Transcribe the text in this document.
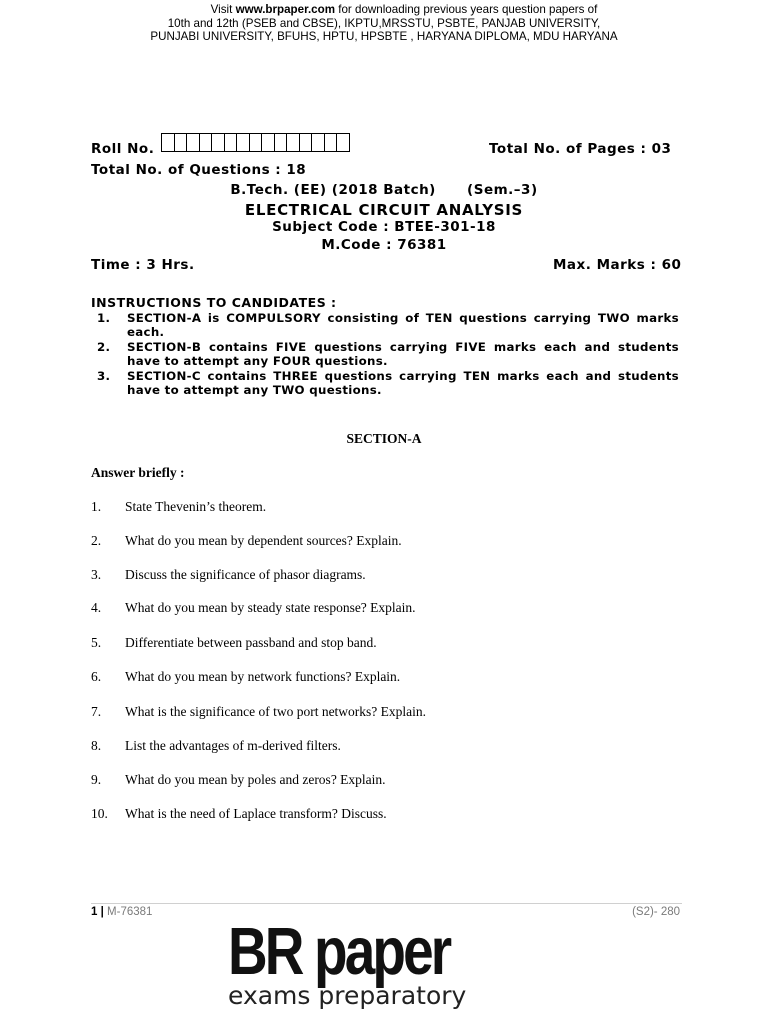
Visit www.brpaper.com for downloading previous years question papers of
10th and 12th (PSEB and CBSE), IKPTU,MRSSTU, PSBTE, PANJAB UNIVERSITY,
PUNJABI UNIVERSITY, BFUHS, HPTU, HPSBTE , HARYANA DIPLOMA, MDU HARYANA
Roll No.	Total No. of Pages : 03
Total No. of Questions : 18
B.Tech. (EE) (2018 Batch)      (Sem.–3)
ELECTRICAL CIRCUIT ANALYSIS
Subject Code : BTEE-301-18
M.Code : 76381
Time : 3 Hrs.	Max. Marks : 60
INSTRUCTIONS TO CANDIDATES :
1.	SECTION-A is COMPULSORY consisting of TEN questions carrying TWO marks each.
2.	SECTION-B contains FIVE questions carrying FIVE marks each and students have to attempt any FOUR questions.
3.	SECTION-C contains THREE questions carrying TEN marks each and students have to attempt any TWO questions.
SECTION-A
Answer briefly :
1.	State Thevenin’s theorem.
2.	What do you mean by dependent sources? Explain.
3.	Discuss the significance of phasor diagrams.
4.	What do you mean by steady state response? Explain.
5.	Differentiate between passband and stop band.
6.	What do you mean by network functions? Explain.
7.	What is the significance of two port networks? Explain.
8.	List the advantages of m-derived filters.
9.	What do you mean by poles and zeros? Explain.
10.	What is the need of Laplace transform? Discuss.
1 | M-76381	(S2)- 280
BR paper
exams preparatory
